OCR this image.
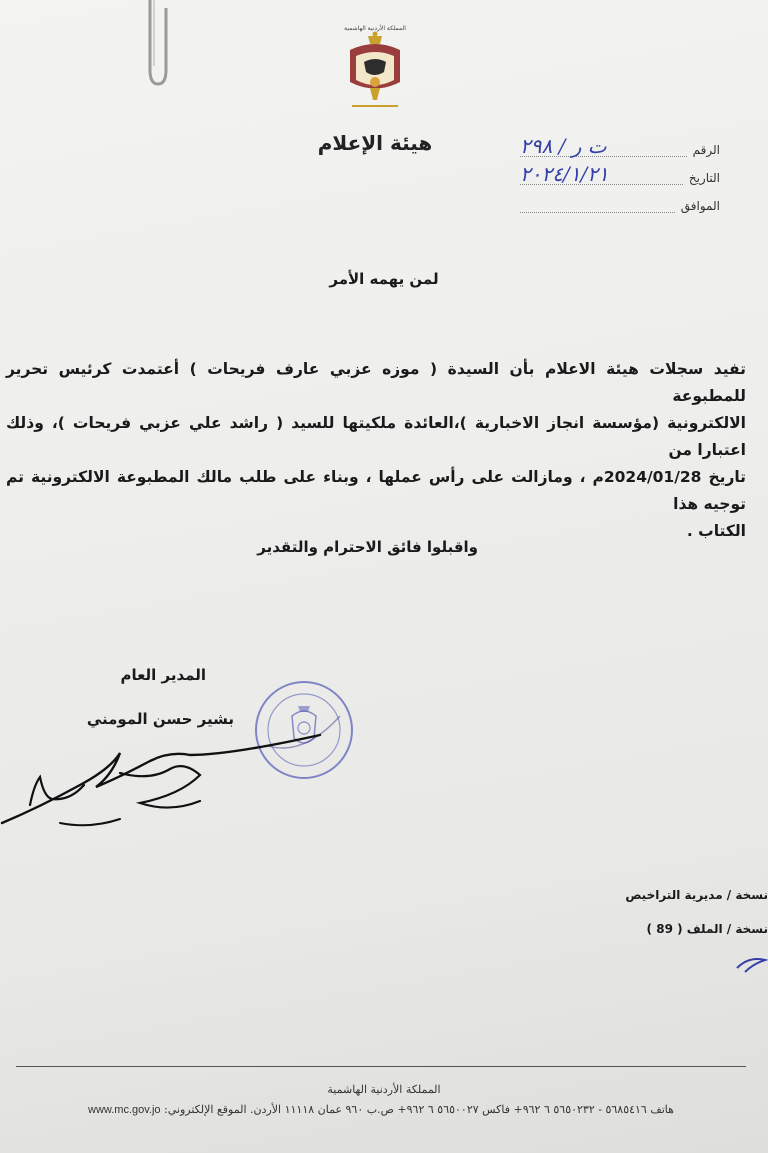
المملكة الأردنية الهاشمية
هيئة الإعلام	الرقم
ت ر / ٢٩٨
التاريخ
٢٠٢٤/١/٢١
الموافق
لمن يهمه الأمر

تفيد سجلات هيئة الاعلام بأن السيدة ( موزه عزبي عارف فريحات ) أعتمدت كرئيس تحرير للمطبوعة

الالكترونية (مؤسسة انجاز الاخبارية )،العائدة ملكيتها للسيد ( راشد علي عزبي فريحات )، وذلك اعتبارا من

تاريخ 2024/01/28م ، ومازالت على رأس عملها ، وبناء على طلب مالك المطبوعة الالكترونية تم توجيه هذا

الكتاب .

واقبلوا فائق الاحترام والتقدير
المدير العام
بشير حسن المومني
نسخة / مديرية التراخيص
نسخة / الملف ( 89 )
المملكة الأردنية الهاشمية
www.mc.gov.jo هاتف ٥٦٨٥٤١٦ - ٥٦٥٠٢٣٢ ٦ ٩٦٢+ فاكس ٥٦٥٠٠٢٧ ٦ ٩٦٢+ ص.ب ٩٦٠ عمان ١١١١٨ الأردن. الموقع الإلكتروني:
